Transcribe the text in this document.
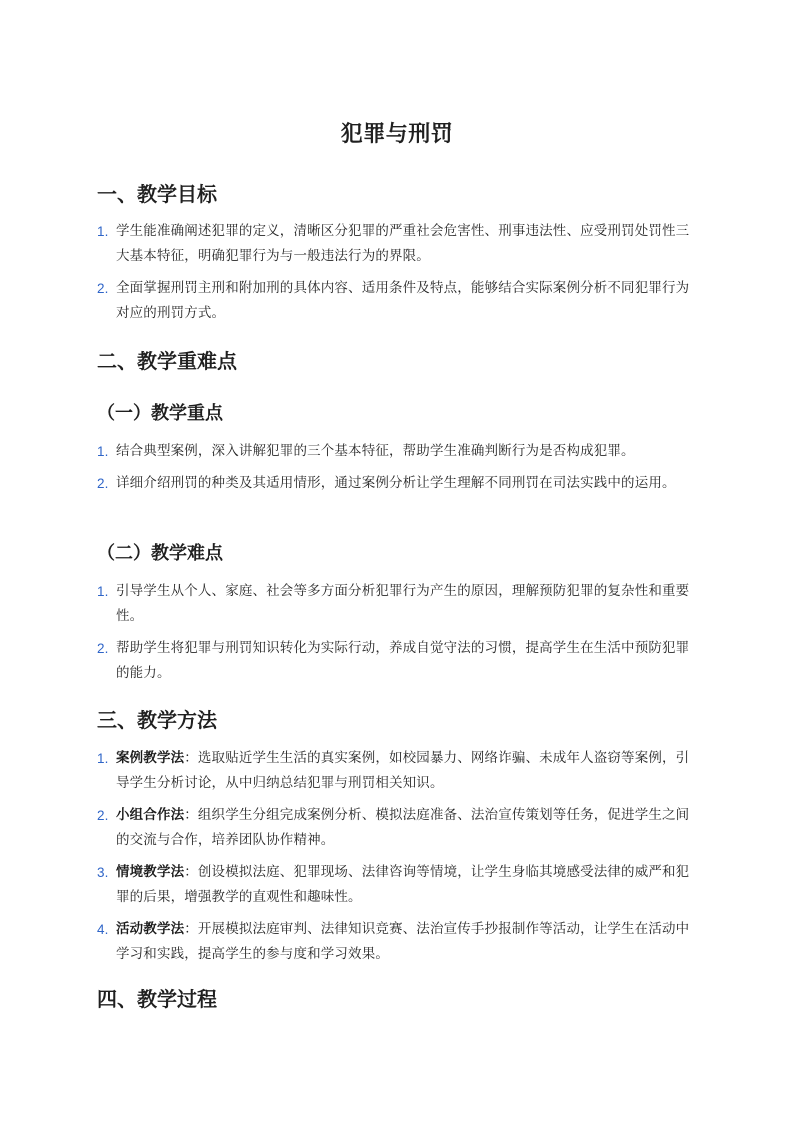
犯罪与刑罚
一、教学目标
1. 学生能准确阐述犯罪的定义，清晰区分犯罪的严重社会危害性、刑事违法性、应受刑罚处罚性三大基本特征，明确犯罪行为与一般违法行为的界限。
2. 全面掌握刑罚主刑和附加刑的具体内容、适用条件及特点，能够结合实际案例分析不同犯罪行为对应的刑罚方式。
二、教学重难点
（一）教学重点
1. 结合典型案例，深入讲解犯罪的三个基本特征，帮助学生准确判断行为是否构成犯罪。
2. 详细介绍刑罚的种类及其适用情形，通过案例分析让学生理解不同刑罚在司法实践中的运用。
（二）教学难点
1. 引导学生从个人、家庭、社会等多方面分析犯罪行为产生的原因，理解预防犯罪的复杂性和重要性。
2. 帮助学生将犯罪与刑罚知识转化为实际行动，养成自觉守法的习惯，提高学生在生活中预防犯罪的能力。
三、教学方法
1. 案例教学法：选取贴近学生生活的真实案例，如校园暴力、网络诈骗、未成年人盗窃等案例，引导学生分析讨论，从中归纳总结犯罪与刑罚相关知识。
2. 小组合作法：组织学生分组完成案例分析、模拟法庭准备、法治宣传策划等任务，促进学生之间的交流与合作，培养团队协作精神。
3. 情境教学法：创设模拟法庭、犯罪现场、法律咨询等情境，让学生身临其境感受法律的威严和犯罪的后果，增强教学的直观性和趣味性。
4. 活动教学法：开展模拟法庭审判、法律知识竞赛、法治宣传手抄报制作等活动，让学生在活动中学习和实践，提高学生的参与度和学习效果。
四、教学过程
